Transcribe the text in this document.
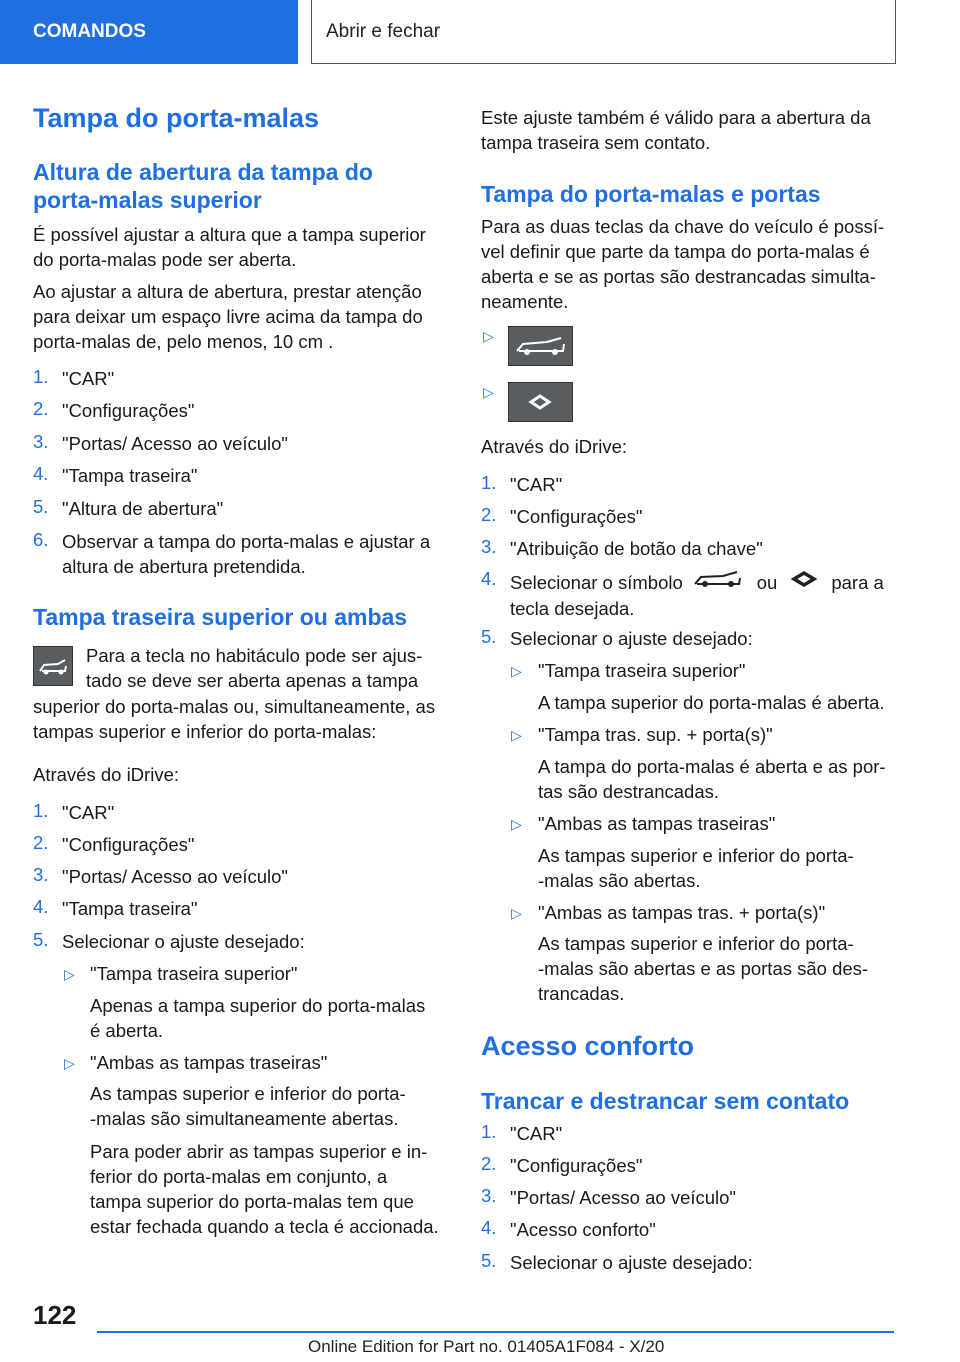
COMANDOS	Abrir e fechar
Tampa do porta-malas
Altura de abertura da tampa do
porta-malas superior
É possível ajustar a altura que a tampa superior
do porta-malas pode ser aberta.
Ao ajustar a altura de abertura, prestar atenção
para deixar um espaço livre acima da tampa do
porta-malas de, pelo menos, 10 cm .
1. "CAR"
2. "Configurações"
3. "Portas/ Acesso ao veículo"
4. "Tampa traseira"
5. "Altura de abertura"
6. Observar a tampa do porta-malas e ajustar a
altura de abertura pretendida.
Tampa traseira superior ou ambas
Para a tecla no habitáculo pode ser ajus-
tado se deve ser aberta apenas a tampa
superior do porta-malas ou, simultaneamente, as
tampas superior e inferior do porta-malas:
Através do iDrive:
1. "CAR"
2. "Configurações"
3. "Portas/ Acesso ao veículo"
4. "Tampa traseira"
5. Selecionar o ajuste desejado:
▷ "Tampa traseira superior"
Apenas a tampa superior do porta-malas
é aberta.
▷ "Ambas as tampas traseiras"
As tampas superior e inferior do porta-
-malas são simultaneamente abertas.
Para poder abrir as tampas superior e in-
ferior do porta-malas em conjunto, a
tampa superior do porta-malas tem que
estar fechada quando a tecla é accionada.
Este ajuste também é válido para a abertura da
tampa traseira sem contato.
Tampa do porta-malas e portas
Para as duas teclas da chave do veículo é possí-
vel definir que parte da tampa do porta-malas é
aberta e se as portas são destrancadas simulta-
neamente.
▷
▷
Através do iDrive:
1. "CAR"
2. "Configurações"
3. "Atribuição de botão da chave"
4. Selecionar o símbolo	ou	para a
tecla desejada.
5. Selecionar o ajuste desejado:
▷ "Tampa traseira superior"
A tampa superior do porta-malas é aberta.
▷ "Tampa tras. sup. + porta(s)"
A tampa do porta-malas é aberta e as por-
tas são destrancadas.
▷ "Ambas as tampas traseiras"
As tampas superior e inferior do porta-
-malas são abertas.
▷ "Ambas as tampas tras. + porta(s)"
As tampas superior e inferior do porta-
-malas são abertas e as portas são des-
trancadas.
Acesso conforto
Trancar e destrancar sem contato
1. "CAR"
2. "Configurações"
3. "Portas/ Acesso ao veículo"
4. "Acesso conforto"
5. Selecionar o ajuste desejado:
122
Online Edition for Part no. 01405A1F084 - X/20
